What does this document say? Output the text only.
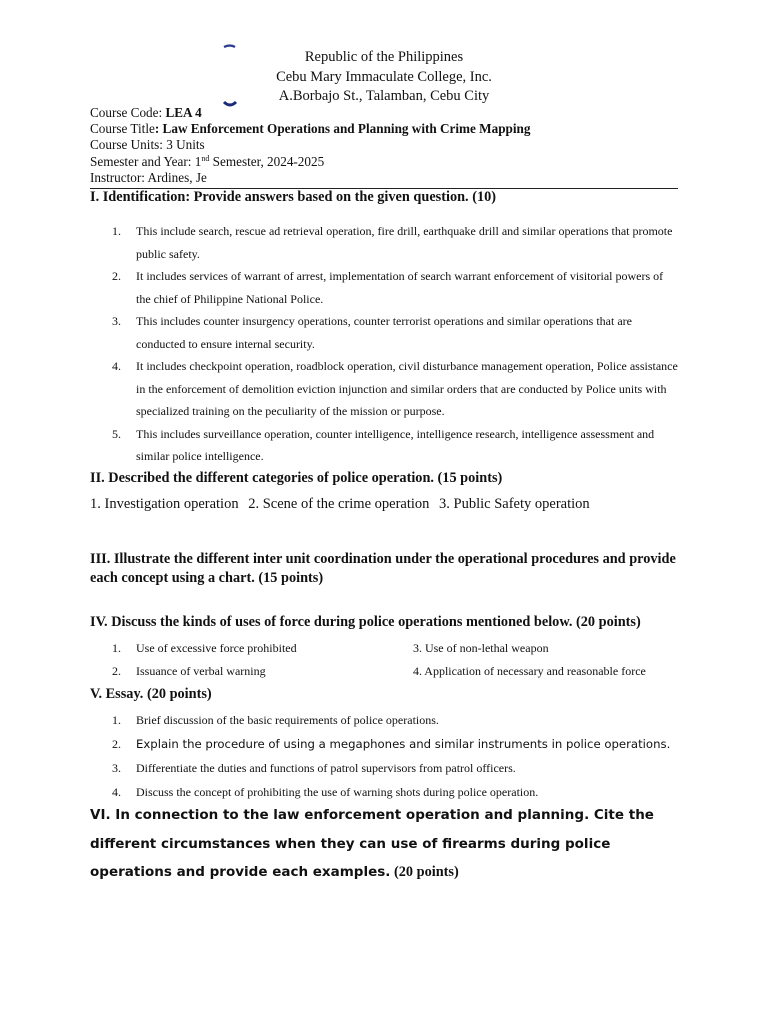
Republic of the Philippines
Cebu Mary Immaculate College, Inc.
A.Borbajo St., Talamban, Cebu City
Course Code: LEA 4
Course Title: Law Enforcement Operations and Planning with Crime Mapping
Course Units: 3 Units
Semester and Year: 1nd Semester, 2024-2025
Instructor: Ardines, Je
I. Identification: Provide answers based on the given question. (10)
1. This include search, rescue ad retrieval operation, fire drill, earthquake drill and similar operations that promote public safety.
2. It includes services of warrant of arrest, implementation of search warrant enforcement of visitorial powers of the chief of Philippine National Police.
3. This includes counter insurgency operations, counter terrorist operations and similar operations that are conducted to ensure internal security.
4. It includes checkpoint operation, roadblock operation, civil disturbance management operation, Police assistance in the enforcement of demolition eviction injunction and similar orders that are conducted by Police units with specialized training on the peculiarity of the mission or purpose.
5. This includes surveillance operation, counter intelligence, intelligence research, intelligence assessment and similar police intelligence.
II. Described the different categories of police operation. (15 points)
1. Investigation operation 2. Scene of the crime operation 3. Public Safety operation
III. Illustrate the different inter unit coordination under the operational procedures and provide each concept using a chart. (15 points)
IV. Discuss the kinds of uses of force during police operations mentioned below. (20 points)
1. Use of excessive force prohibited	3. Use of non-lethal weapon
2. Issuance of verbal warning	4. Application of necessary and reasonable force
V. Essay. (20 points)
1. Brief discussion of the basic requirements of police operations.
2. Explain the procedure of using a megaphones and similar instruments in police operations.
3. Differentiate the duties and functions of patrol supervisors from patrol officers.
4. Discuss the concept of prohibiting the use of warning shots during police operation.
VI. In connection to the law enforcement operation and planning. Cite the different circumstances when they can use of firearms during police operations and provide each examples. (20 points)
